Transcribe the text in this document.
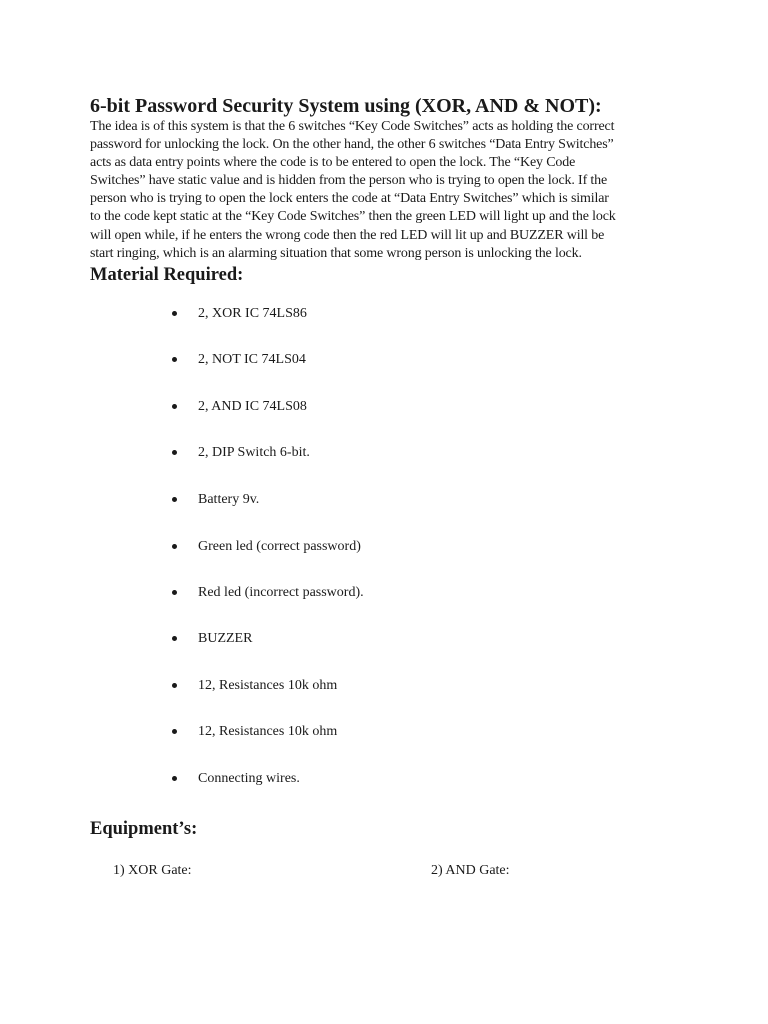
6-bit Password Security System using (XOR, AND & NOT):
The idea is of this system is that the 6 switches “Key Code Switches” acts as holding the correct
password for unlocking the lock. On the other hand, the other 6 switches “Data Entry Switches”
acts as data entry points where the code is to be entered to open the lock. The “Key Code
Switches” have static value and is hidden from the person who is trying to open the lock. If the
person who is trying to open the lock enters the code at “Data Entry Switches” which is similar
to the code kept static at the “Key Code Switches” then the green LED will light up and the lock
will open while, if he enters the wrong code then the red LED will lit up and BUZZER will be
start ringing, which is an alarming situation that some wrong person is unlocking the lock.
Material Required:
2, XOR IC 74LS86
2, NOT IC 74LS04
2, AND IC 74LS08
2, DIP Switch 6-bit.
Battery 9v.
Green led (correct password)
Red led (incorrect password).
BUZZER
12, Resistances 10k ohm
12, Resistances 10k ohm
Connecting wires.
Equipment’s:
1) XOR Gate:	2) AND Gate:
